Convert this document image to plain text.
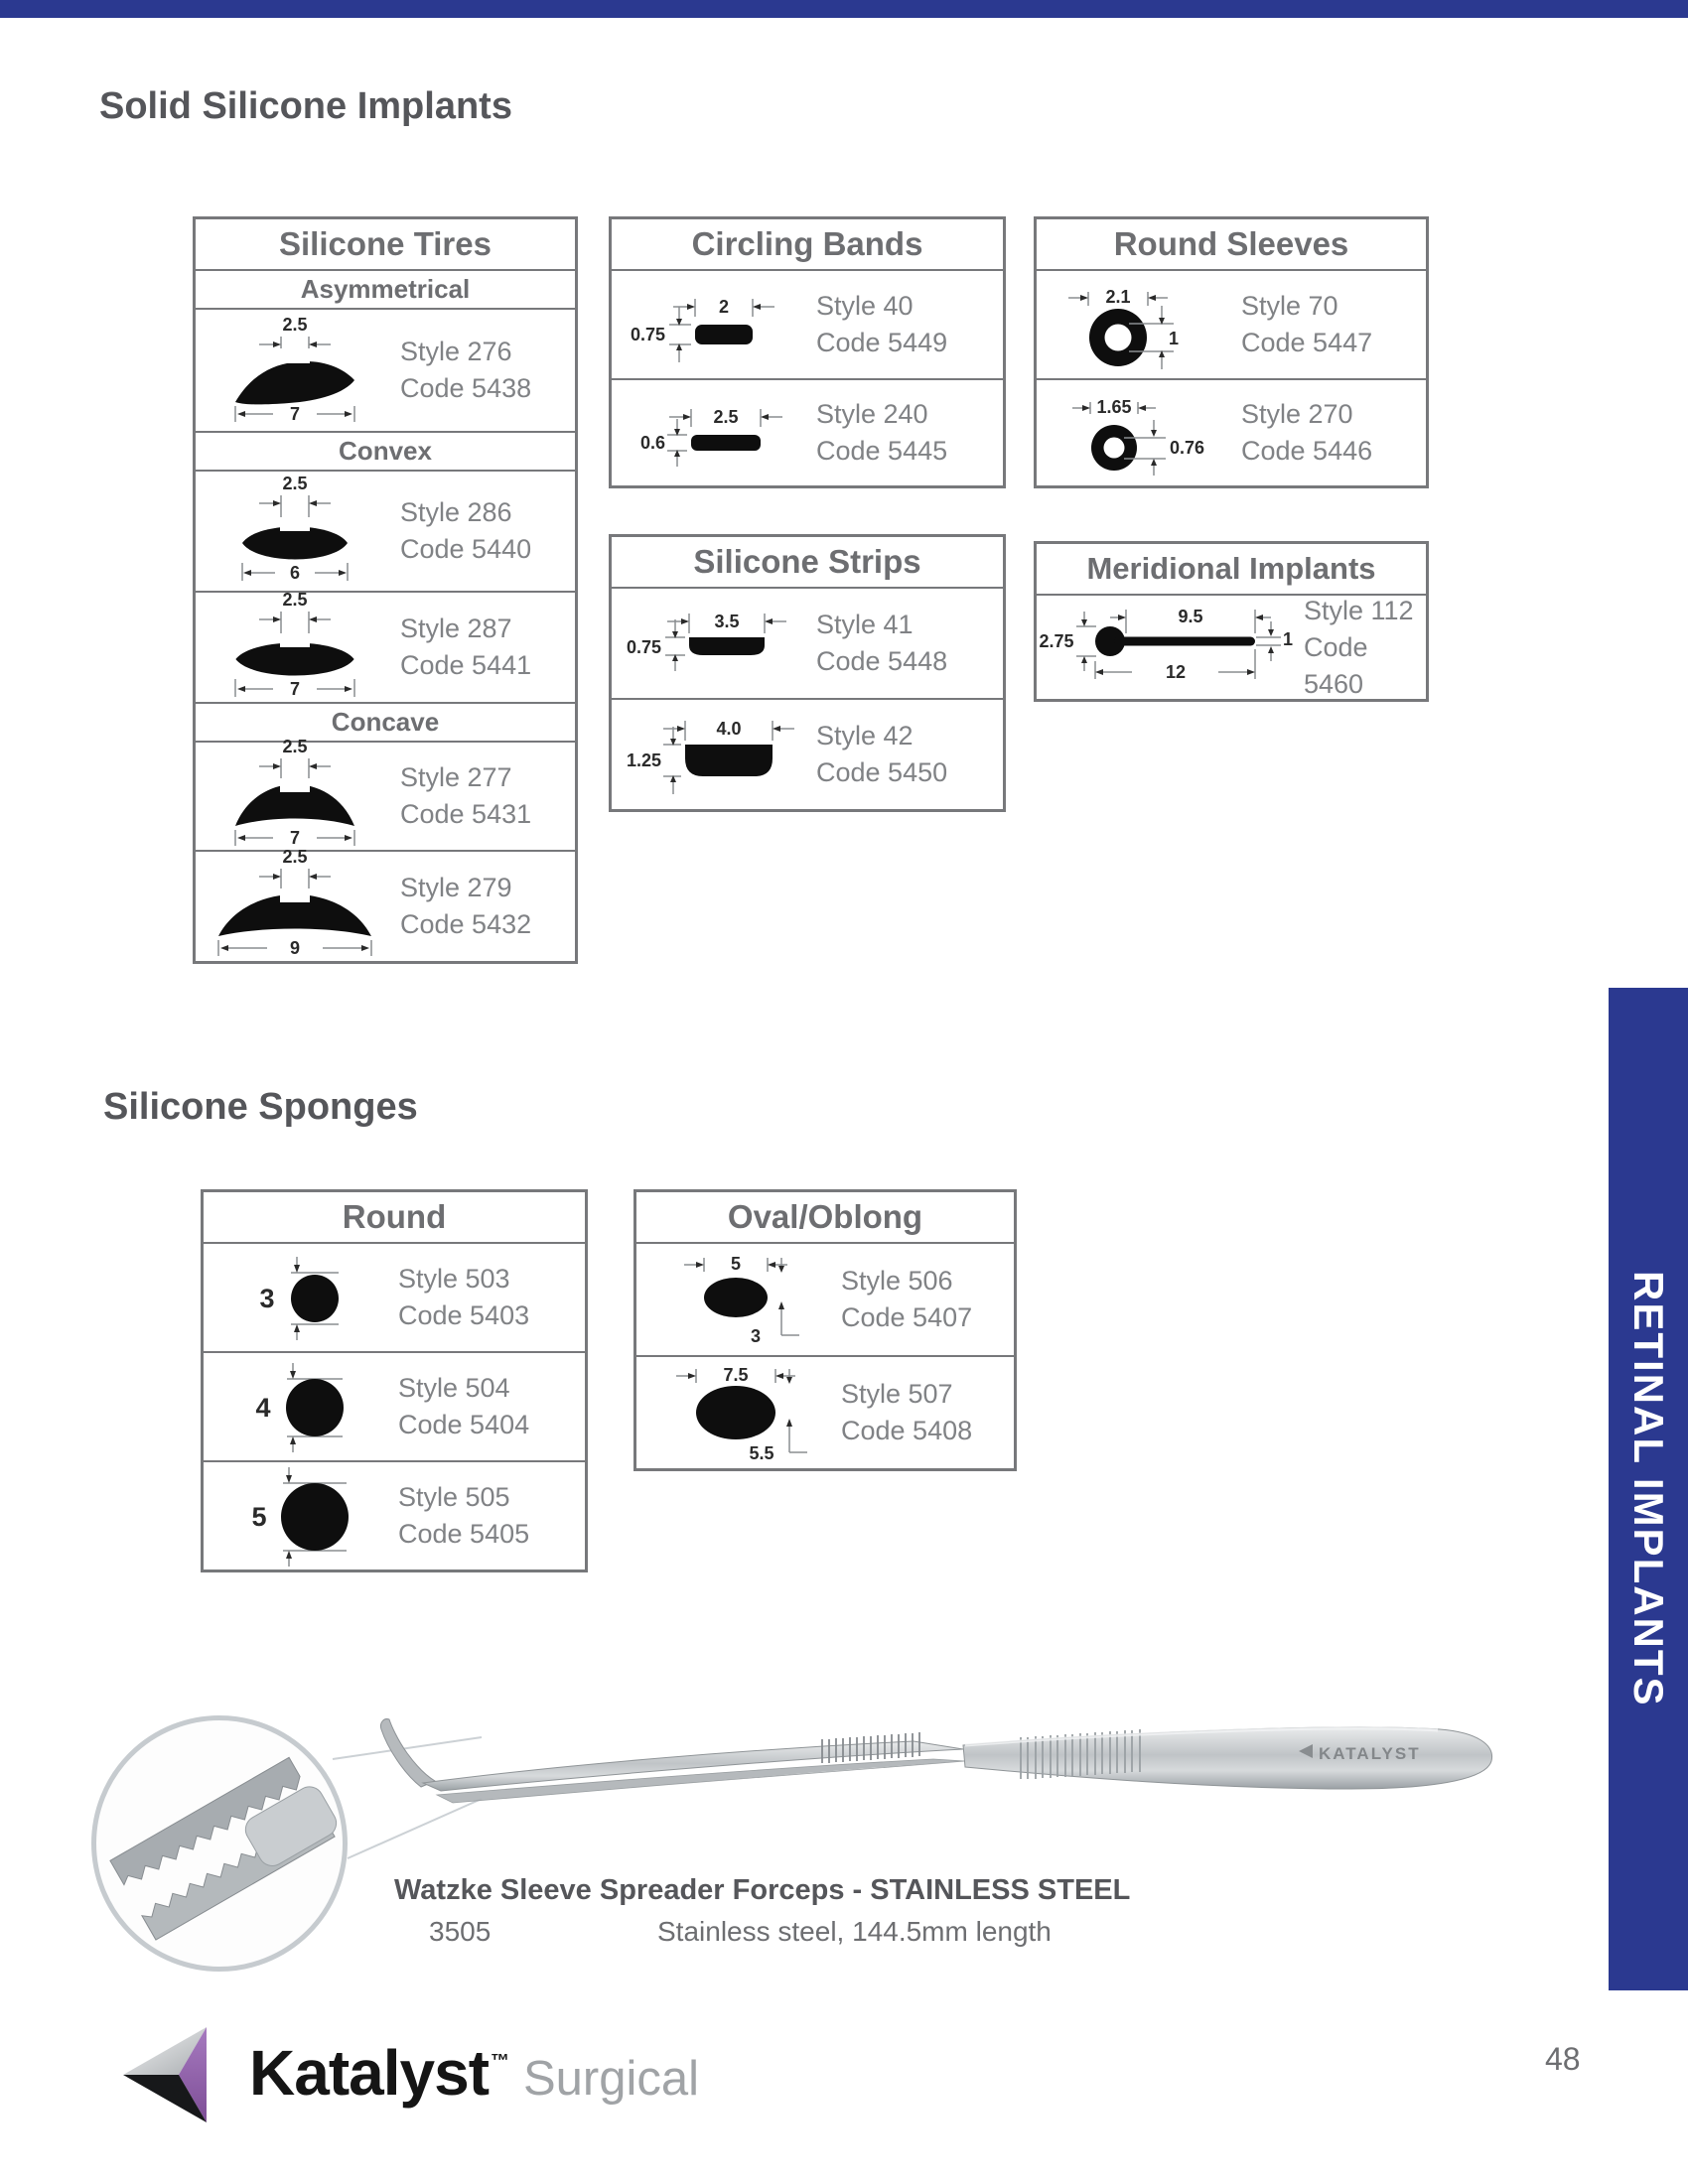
Solid Silicone Implants
Silicone Tires
Asymmetrical
2.5
7
Style 276
Code 5438
Convex
2.5
6
Style 286
Code 5440
2.5
7
Style 287
Code 5441
Concave
2.5
7
Style 277
Code 5431
2.5
9
Style 279
Code 5432
Circling Bands
2
0.75
Style 40
Code 5449
2.5
0.6
Style 240
Code 5445
Silicone Strips
3.5
0.75
Style 41
Code 5448
4.0
1.25
Style 42
Code 5450
Round Sleeves
2.1
1
Style 70
Code 5447
1.65
0.76
Style 270
Code 5446
Meridional Implants
2.75
9.5
1
12
Style 112
Code 5460
Silicone Sponges
Round
3
Style 503
Code 5403
4
Style 504
Code 5404
5
Style 505
Code 5405
Oval/Oblong
5
3
Style 506
Code 5407
7.5
5.5
Style 507
Code 5408
KATALYST
Watzke Sleeve Spreader Forceps - STAINLESS STEEL
3505	Stainless steel, 144.5mm length
Katalyst ™ Surgical
RETINAL IMPLANTS
48
